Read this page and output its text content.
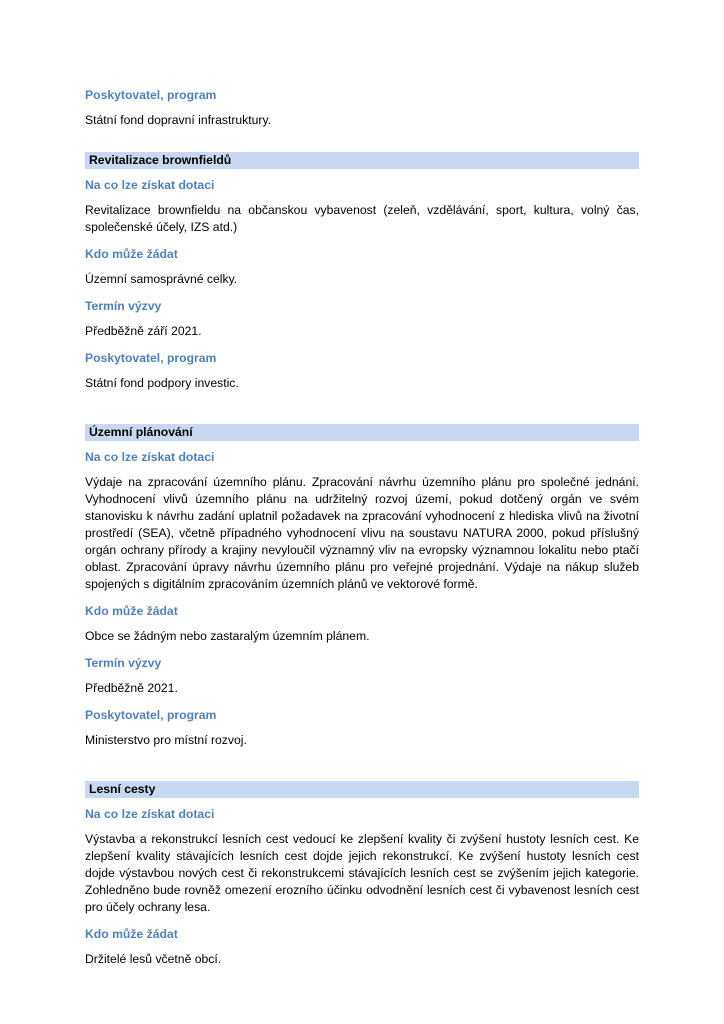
Poskytovatel, program
Státní fond dopravní infrastruktury.
Revitalizace brownfieldů
Na co lze získat dotaci
Revitalizace brownfieldu na občanskou vybavenost (zeleň, vzdělávání, sport, kultura, volný čas, společenské účely, IZS atd.)
Kdo může žádat
Územní samosprávné celky.
Termín výzvy
Předběžně září 2021.
Poskytovatel, program
Státní fond podpory investic.
Územní plánování
Na co lze získat dotaci
Výdaje na zpracování územního plánu. Zpracování návrhu územního plánu pro společné jednání. Vyhodnocení vlivů územního plánu na udržitelný rozvoj území, pokud dotčený orgán ve svém stanovisku k návrhu zadání uplatnil požadavek na zpracování vyhodnocení z hlediska vlivů na životní prostředí (SEA), včetně případného vyhodnocení vlivu na soustavu NATURA 2000, pokud příslušný orgán ochrany přírody a krajiny nevyloučil významný vliv na evropsky významnou lokalitu nebo ptačí oblast. Zpracování úpravy návrhu územního plánu pro veřejné projednání. Výdaje na nákup služeb spojených s digitálním zpracováním územních plánů ve vektorové formě.
Kdo může žádat
Obce se žádným nebo zastaralým územním plánem.
Termín výzvy
Předběžně 2021.
Poskytovatel, program
Ministerstvo pro místní rozvoj.
Lesní cesty
Na co lze získat dotaci
Výstavba a rekonstrukcí lesních cest vedoucí ke zlepšení kvality či zvýšení hustoty lesních cest. Ke zlepšení kvality stávajících lesních cest dojde jejich rekonstrukcí. Ke zvýšení hustoty lesních cest dojde výstavbou nových cest či rekonstrukcemi stávajících lesních cest se zvýšením jejich kategorie. Zohledněno bude rovněž omezení erozního účinku odvodnění lesních cest či vybavenost lesních cest pro účely ochrany lesa.
Kdo může žádat
Držitelé lesů včetně obcí.
